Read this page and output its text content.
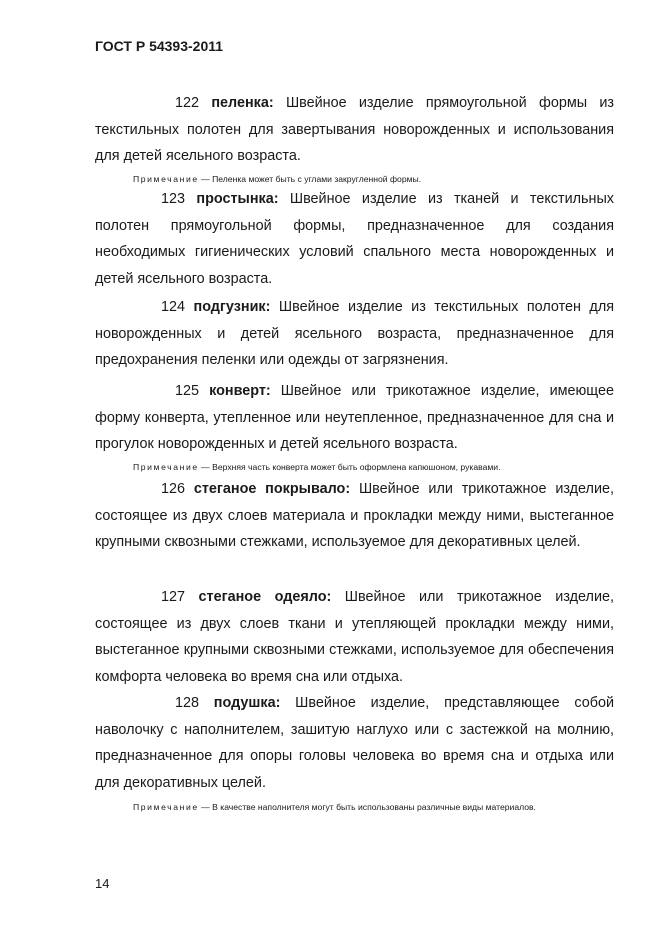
ГОСТ Р 54393-2011
122 пеленка: Швейное изделие прямоугольной формы из текстильных полотен для завертывания новорожденных и использования для детей ясельного возраста.
Примечание — Пеленка может быть с углами закругленной формы.
123 простынка: Швейное изделие из тканей и текстильных полотен прямоугольной формы, предназначенное для создания необходимых гигиенических условий спального места новорожденных и детей ясельного возраста.
124 подгузник: Швейное изделие из текстильных полотен для новорожденных и детей ясельного возраста, предназначенное для предохранения пеленки или одежды от загрязнения.
125 конверт: Швейное или трикотажное изделие, имеющее форму конверта, утепленное или неутепленное, предназначенное для сна и прогулок новорожденных и детей ясельного возраста.
Примечание — Верхняя часть конверта может быть оформлена капюшоном, рукавами.
126 стеганое покрывало: Швейное или трикотажное изделие, состоящее из двух слоев материала и прокладки между ними, выстеганное крупными сквозными стежками, используемое для декоративных целей.
127 стеганое одеяло: Швейное или трикотажное изделие, состоящее из двух слоев ткани и утепляющей прокладки между ними, выстеганное крупными сквозными стежками, используемое для обеспечения комфорта человека во время сна или отдыха.
128 подушка: Швейное изделие, представляющее собой наволочку с наполнителем, зашитую наглухо или с застежкой на молнию, предназначенное для опоры головы человека во время сна и отдыха или для декоративных целей.
Примечание — В качестве наполнителя могут быть использованы различные виды материалов.
14
